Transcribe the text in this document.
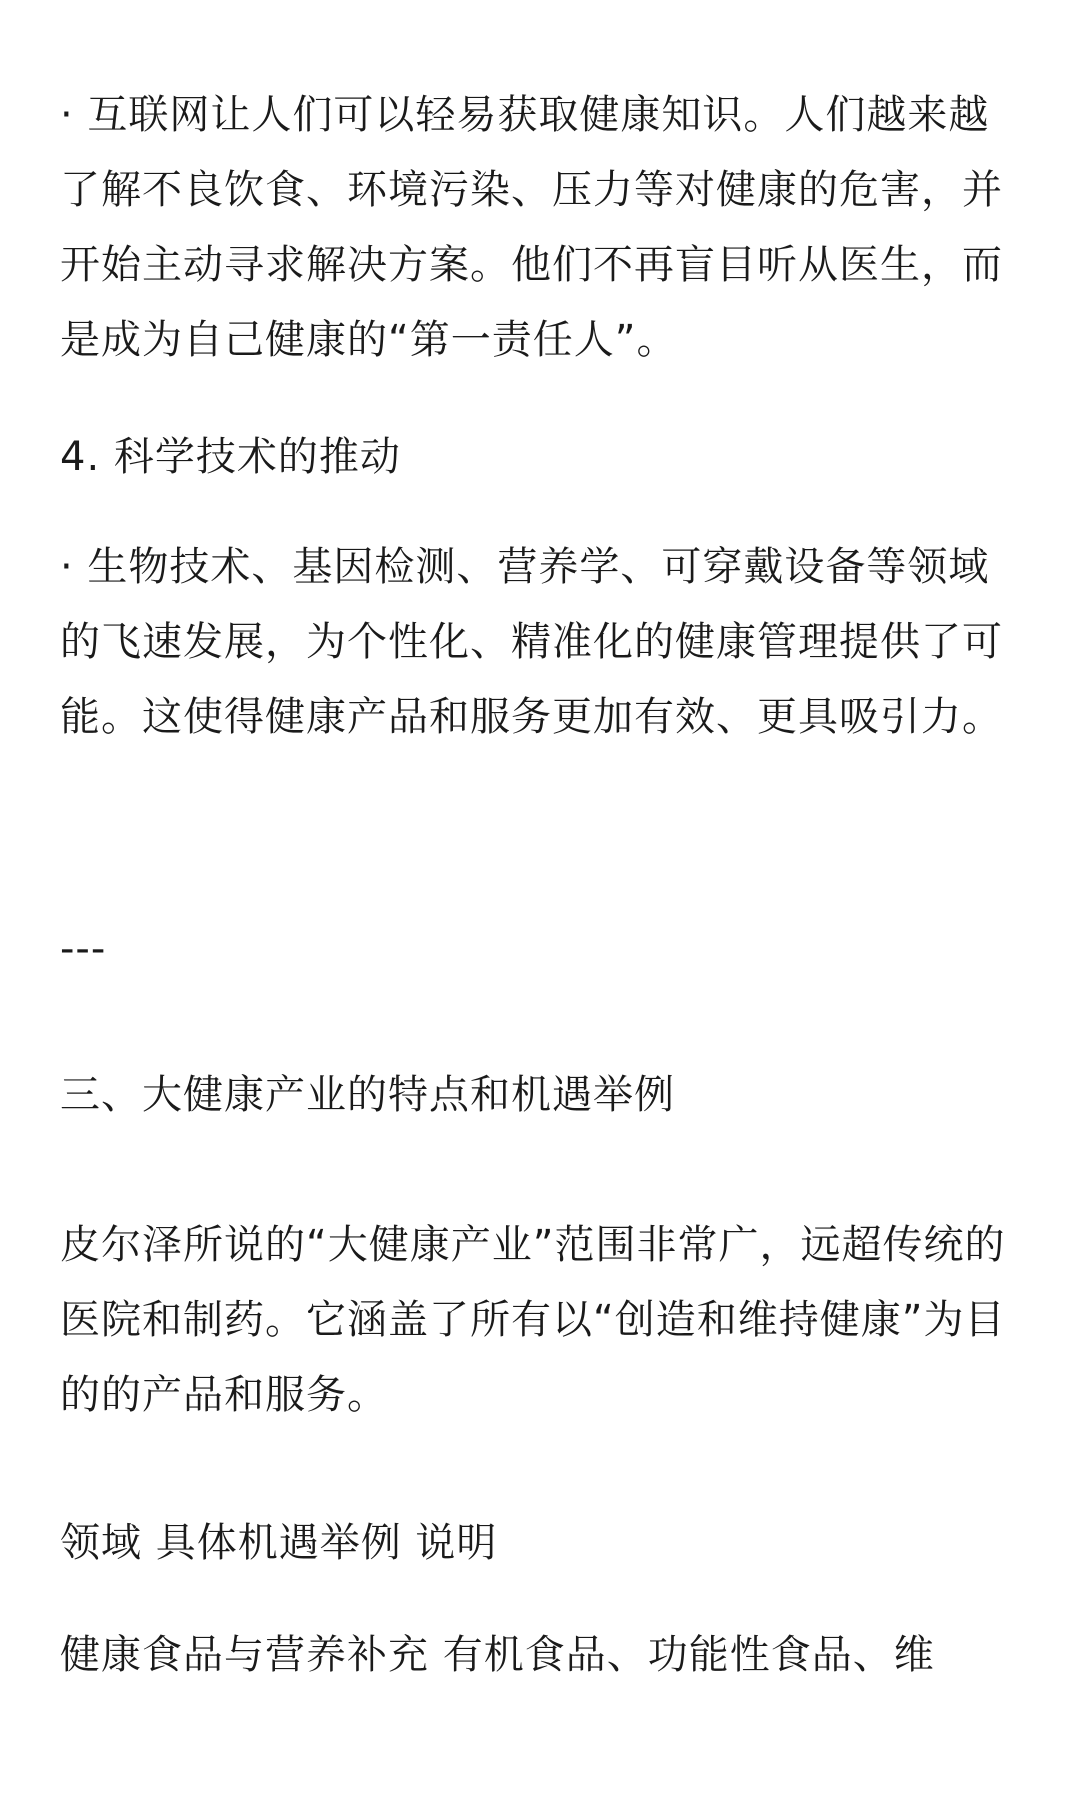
· 互联网让人们可以轻易获取健康知识。人们越来越了解不良饮食、环境污染、压力等对健康的危害，并开始主动寻求解决方案。他们不再盲目听从医生，而是成为自己健康的“第一责任人”。

4. 科学技术的推动

· 生物技术、基因检测、营养学、可穿戴设备等领域的飞速发展，为个性化、精准化的健康管理提供了可能。这使得健康产品和服务更加有效、更具吸引力。

---

三、大健康产业的特点和机遇举例

皮尔泽所说的“大健康产业”范围非常广，远超传统的医院和制药。它涵盖了所有以“创造和维持健康”为目的的产品和服务。

领域 具体机遇举例 说明

健康食品与营养补充 有机食品、功能性食品、维
